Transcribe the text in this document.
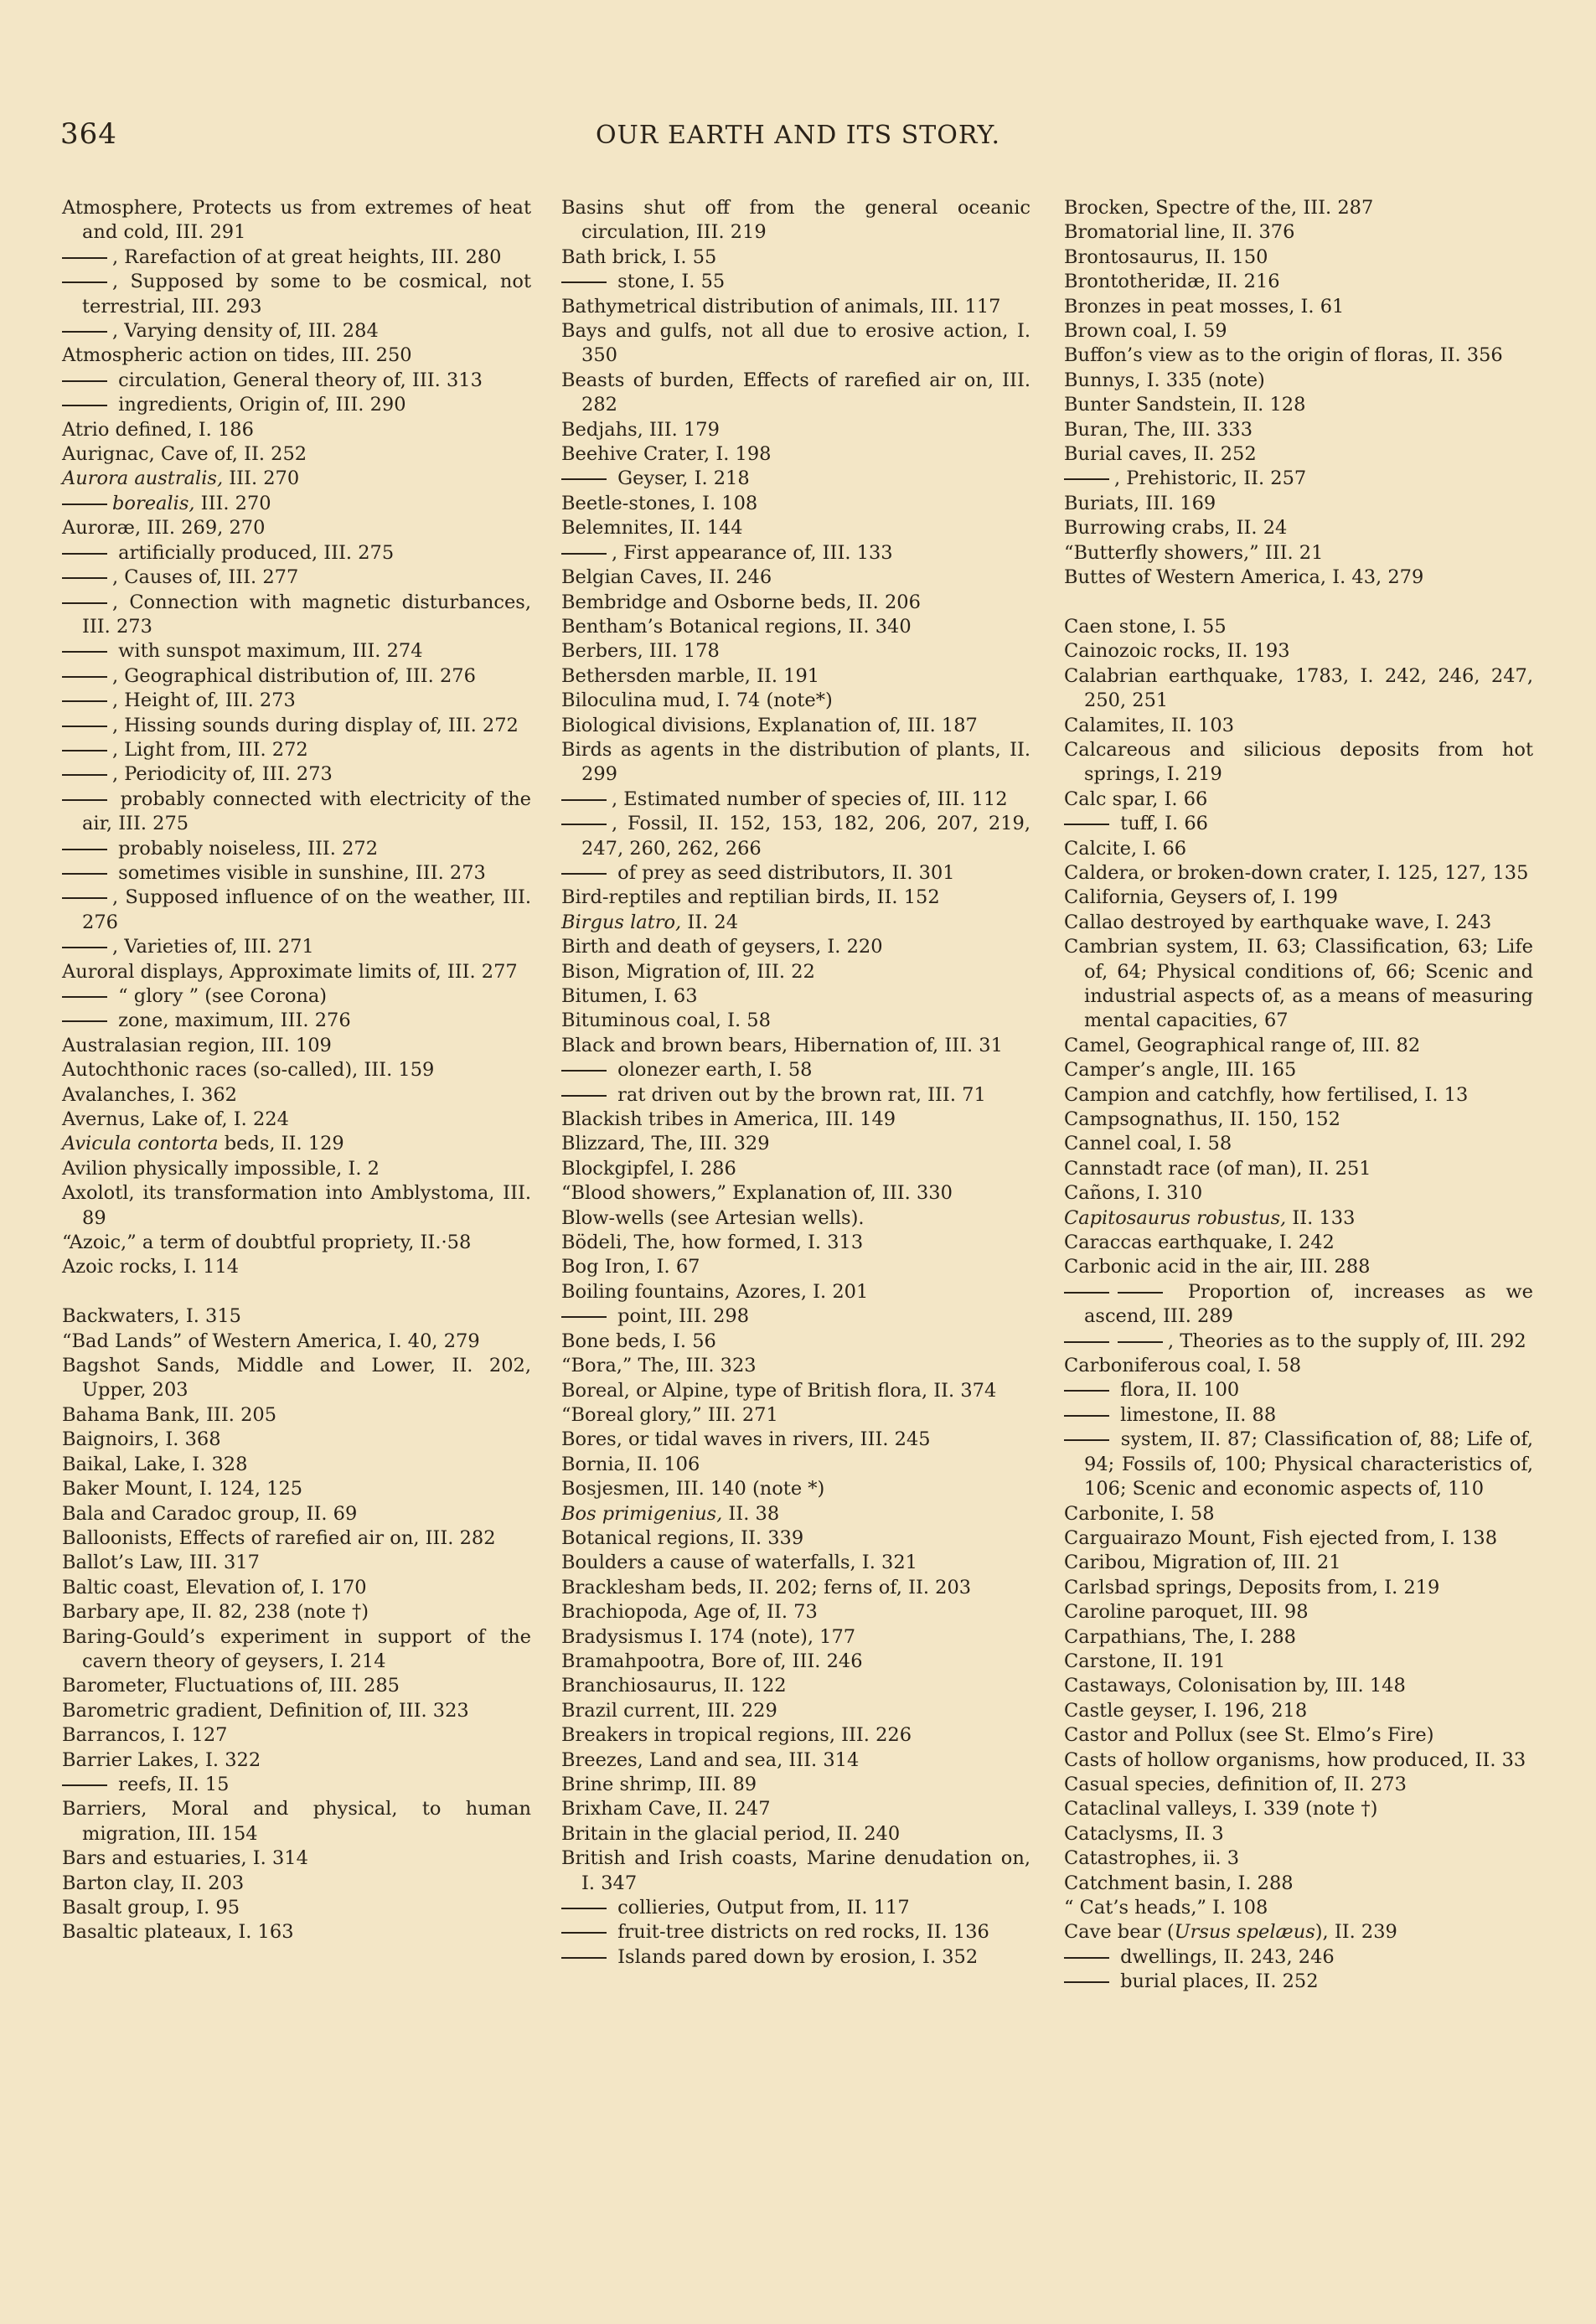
364	OUR EARTH AND ITS STORY.
Atmosphere, Protects us from extremes of heat and cold, III. 291
, Rarefaction of at great heights, III. 280
, Supposed by some to be cosmical, not terrestrial, III. 293
, Varying density of, III. 284
Atmospheric action on tides, III. 250
circulation, General theory of, III. 313
ingredients, Origin of, III. 290
Atrio defined, I. 186
Aurignac, Cave of, II. 252
Aurora australis, III. 270
borealis, III. 270
Auroræ, III. 269, 270
artificially produced, III. 275
, Causes of, III. 277
, Connection with magnetic disturbances, III. 273
with sunspot maximum, III. 274
, Geographical distribution of, III. 276
, Height of, III. 273
, Hissing sounds during display of, III. 272
, Light from, III. 272
, Periodicity of, III. 273
probably connected with electricity of the air, III. 275
probably noiseless, III. 272
sometimes visible in sunshine, III. 273
, Supposed influence of on the weather, III. 276
, Varieties of, III. 271
Auroral displays, Approximate limits of, III. 277
“ glory ” (see Corona)
zone, maximum, III. 276
Australasian region, III. 109
Autochthonic races (so-called), III. 159
Avalanches, I. 362
Avernus, Lake of, I. 224
Avicula contorta beds, II. 129
Avilion physically impossible, I. 2
Axolotl, its transformation into Amblystoma, III. 89
“Azoic,” a term of doubtful propriety, II.·58
Azoic rocks, I. 114
Backwaters, I. 315
“Bad Lands” of Western America, I. 40, 279
Bagshot Sands, Middle and Lower, II. 202, Upper, 203
Bahama Bank, III. 205
Baignoirs, I. 368
Baikal, Lake, I. 328
Baker Mount, I. 124, 125
Bala and Caradoc group, II. 69
Balloonists, Effects of rarefied air on, III. 282
Ballot’s Law, III. 317
Baltic coast, Elevation of, I. 170
Barbary ape, II. 82, 238 (note †)
Baring-Gould’s experiment in support of the cavern theory of geysers, I. 214
Barometer, Fluctuations of, III. 285
Barometric gradient, Definition of, III. 323
Barrancos, I. 127
Barrier Lakes, I. 322
reefs, II. 15
Barriers, Moral and physical, to human migration, III. 154
Bars and estuaries, I. 314
Barton clay, II. 203
Basalt group, I. 95
Basaltic plateaux, I. 163
Basins shut off from the general oceanic circulation, III. 219
Bath brick, I. 55
stone, I. 55
Bathymetrical distribution of animals, III. 117
Bays and gulfs, not all due to erosive action, I. 350
Beasts of burden, Effects of rarefied air on, III. 282
Bedjahs, III. 179
Beehive Crater, I. 198
Geyser, I. 218
Beetle-stones, I. 108
Belemnites, II. 144
, First appearance of, III. 133
Belgian Caves, II. 246
Bembridge and Osborne beds, II. 206
Bentham’s Botanical regions, II. 340
Berbers, III. 178
Bethersden marble, II. 191
Biloculina mud, I. 74 (note*)
Biological divisions, Explanation of, III. 187
Birds as agents in the distribution of plants, II. 299
, Estimated number of species of, III. 112
, Fossil, II. 152, 153, 182, 206, 207, 219, 247, 260, 262, 266
of prey as seed distributors, II. 301
Bird-reptiles and reptilian birds, II. 152
Birgus latro, II. 24
Birth and death of geysers, I. 220
Bison, Migration of, III. 22
Bitumen, I. 63
Bituminous coal, I. 58
Black and brown bears, Hibernation of, III. 31
olonezer earth, I. 58
rat driven out by the brown rat, III. 71
Blackish tribes in America, III. 149
Blizzard, The, III. 329
Blockgipfel, I. 286
“Blood showers,” Explanation of, III. 330
Blow-wells (see Artesian wells).
Bödeli, The, how formed, I. 313
Bog Iron, I. 67
Boiling fountains, Azores, I. 201
point, III. 298
Bone beds, I. 56
“Bora,” The, III. 323
Boreal, or Alpine, type of British flora, II. 374
“Boreal glory,” III. 271
Bores, or tidal waves in rivers, III. 245
Bornia, II. 106
Bosjesmen, III. 140 (note *)
Bos primigenius, II. 38
Botanical regions, II. 339
Boulders a cause of waterfalls, I. 321
Bracklesham beds, II. 202; ferns of, II. 203
Brachiopoda, Age of, II. 73
Bradysismus I. 174 (note), 177
Bramahpootra, Bore of, III. 246
Branchiosaurus, II. 122
Brazil current, III. 229
Breakers in tropical regions, III. 226
Breezes, Land and sea, III. 314
Brine shrimp, III. 89
Brixham Cave, II. 247
Britain in the glacial period, II. 240
British and Irish coasts, Marine denudation on, I. 347
collieries, Output from, II. 117
fruit-tree districts on red rocks, II. 136
Islands pared down by erosion, I. 352
Brocken, Spectre of the, III. 287
Bromatorial line, II. 376
Brontosaurus, II. 150
Brontotheridæ, II. 216
Bronzes in peat mosses, I. 61
Brown coal, I. 59
Buffon’s view as to the origin of floras, II. 356
Bunnys, I. 335 (note)
Bunter Sandstein, II. 128
Buran, The, III. 333
Burial caves, II. 252
, Prehistoric, II. 257
Buriats, III. 169
Burrowing crabs, II. 24
“Butterfly showers,” III. 21
Buttes of Western America, I. 43, 279
Caen stone, I. 55
Cainozoic rocks, II. 193
Calabrian earthquake, 1783, I. 242, 246, 247, 250, 251
Calamites, II. 103
Calcareous and silicious deposits from hot springs, I. 219
Calc spar, I. 66
tuff, I. 66
Calcite, I. 66
Caldera, or broken-down crater, I. 125, 127, 135
California, Geysers of, I. 199
Callao destroyed by earthquake wave, I. 243
Cambrian system, II. 63; Classification, 63; Life of, 64; Physical conditions of, 66; Scenic and industrial aspects of, as a means of measuring mental capacities, 67
Camel, Geographical range of, III. 82
Camper’s angle, III. 165
Campion and catchfly, how fertilised, I. 13
Campsognathus, II. 150, 152
Cannel coal, I. 58
Cannstadt race (of man), II. 251
Cañons, I. 310
Capitosaurus robustus, II. 133
Caraccas earthquake, I. 242
Carbonic acid in the air, III. 288
Proportion of, increases as we ascend, III. 289
, Theories as to the supply of, III. 292
Carboniferous coal, I. 58
flora, II. 100
limestone, II. 88
system, II. 87; Classification of, 88; Life of, 94; Fossils of, 100; Physical characteristics of, 106; Scenic and economic aspects of, 110
Carbonite, I. 58
Carguairazo Mount, Fish ejected from, I. 138
Caribou, Migration of, III. 21
Carlsbad springs, Deposits from, I. 219
Caroline paroquet, III. 98
Carpathians, The, I. 288
Carstone, II. 191
Castaways, Colonisation by, III. 148
Castle geyser, I. 196, 218
Castor and Pollux (see St. Elmo’s Fire)
Casts of hollow organisms, how produced, II. 33
Casual species, definition of, II. 273
Cataclinal valleys, I. 339 (note †)
Cataclysms, II. 3
Catastrophes, ii. 3
Catchment basin, I. 288
“ Cat’s heads,” I. 108
Cave bear (Ursus spelæus), II. 239
dwellings, II. 243, 246
burial places, II. 252
